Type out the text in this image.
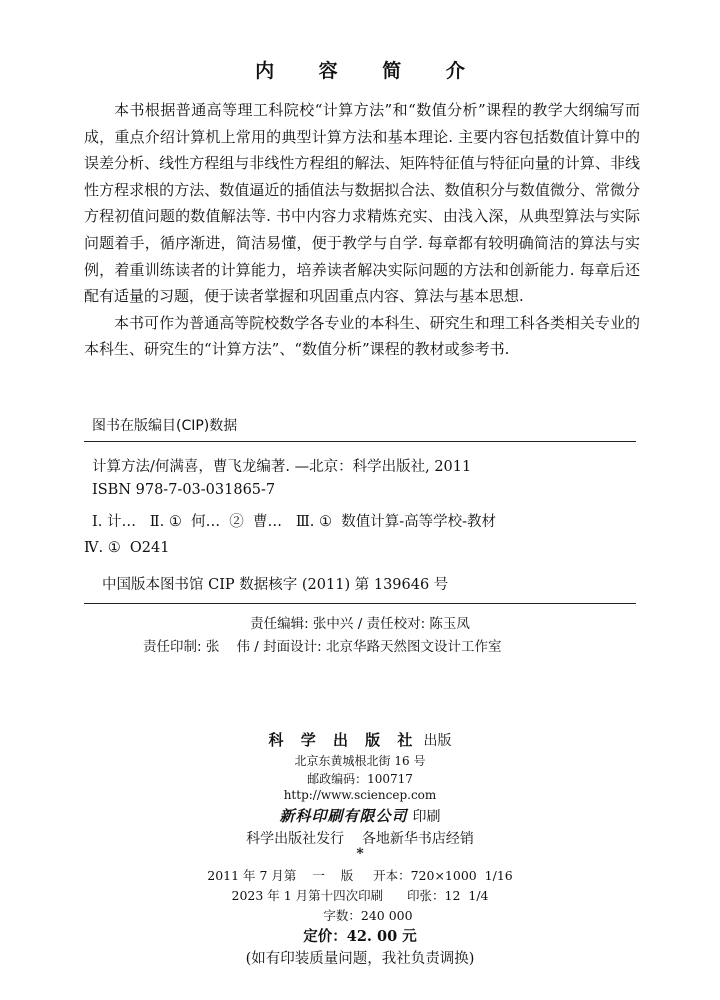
内 容 简 介

本书根据普通高等理工科院校“计算方法”和“数值分析”课程的教学大纲编写而成，重点介绍计算机上常用的典型计算方法和基本理论. 主要内容包括数值计算中的误差分析、线性方程组与非线性方程组的解法、矩阵特征值与特征向量的计算、非线性方程求根的方法、数值逼近的插值法与数据拟合法、数值积分与数值微分、常微分方程初值问题的数值解法等. 书中内容力求精炼充实、由浅入深，从典型算法与实际问题着手，循序渐进，简洁易懂，便于教学与自学. 每章都有较明确简洁的算法与实例，着重训练读者的计算能力，培养读者解决实际问题的方法和创新能力. 每章后还配有适量的习题，便于读者掌握和巩固重点内容、算法与基本思想.

本书可作为普通高等院校数学各专业的本科生、研究生和理工科各类相关专业的本科生、研究生的“计算方法”、“数值分析”课程的教材或参考书.

图书在版编目(CIP)数据
计算方法/何满喜，曹飞龙编著. —北京：科学出版社, 2011
ISBN 978-7-03-031865-7
Ⅰ. 计…   Ⅱ. ①  何…  ②  曹…   Ⅲ. ①  数值计算-高等学校-教材
Ⅳ. ①  O241
中国版本图书馆 CIP 数据核字 (2011) 第 139646 号
责任编辑: 张中兴 / 责任校对: 陈玉凤
责任印制: 张    伟 / 封面设计: 北京华路天然图文设计工作室
科 学 出 版 社 出版
北京东黄城根北街 16 号
邮政编码：100717
http://www.sciencep.com
新科印刷有限公司 印刷
科学出版社发行    各地新华书店经销
*
2011 年 7 月第    一    版     开本：720×1000  1/16
2023 年 1 月第十四次印刷      印张：12  1/4
字数：240 000
定价：42. 00 元
(如有印装质量问题，我社负责调换)
